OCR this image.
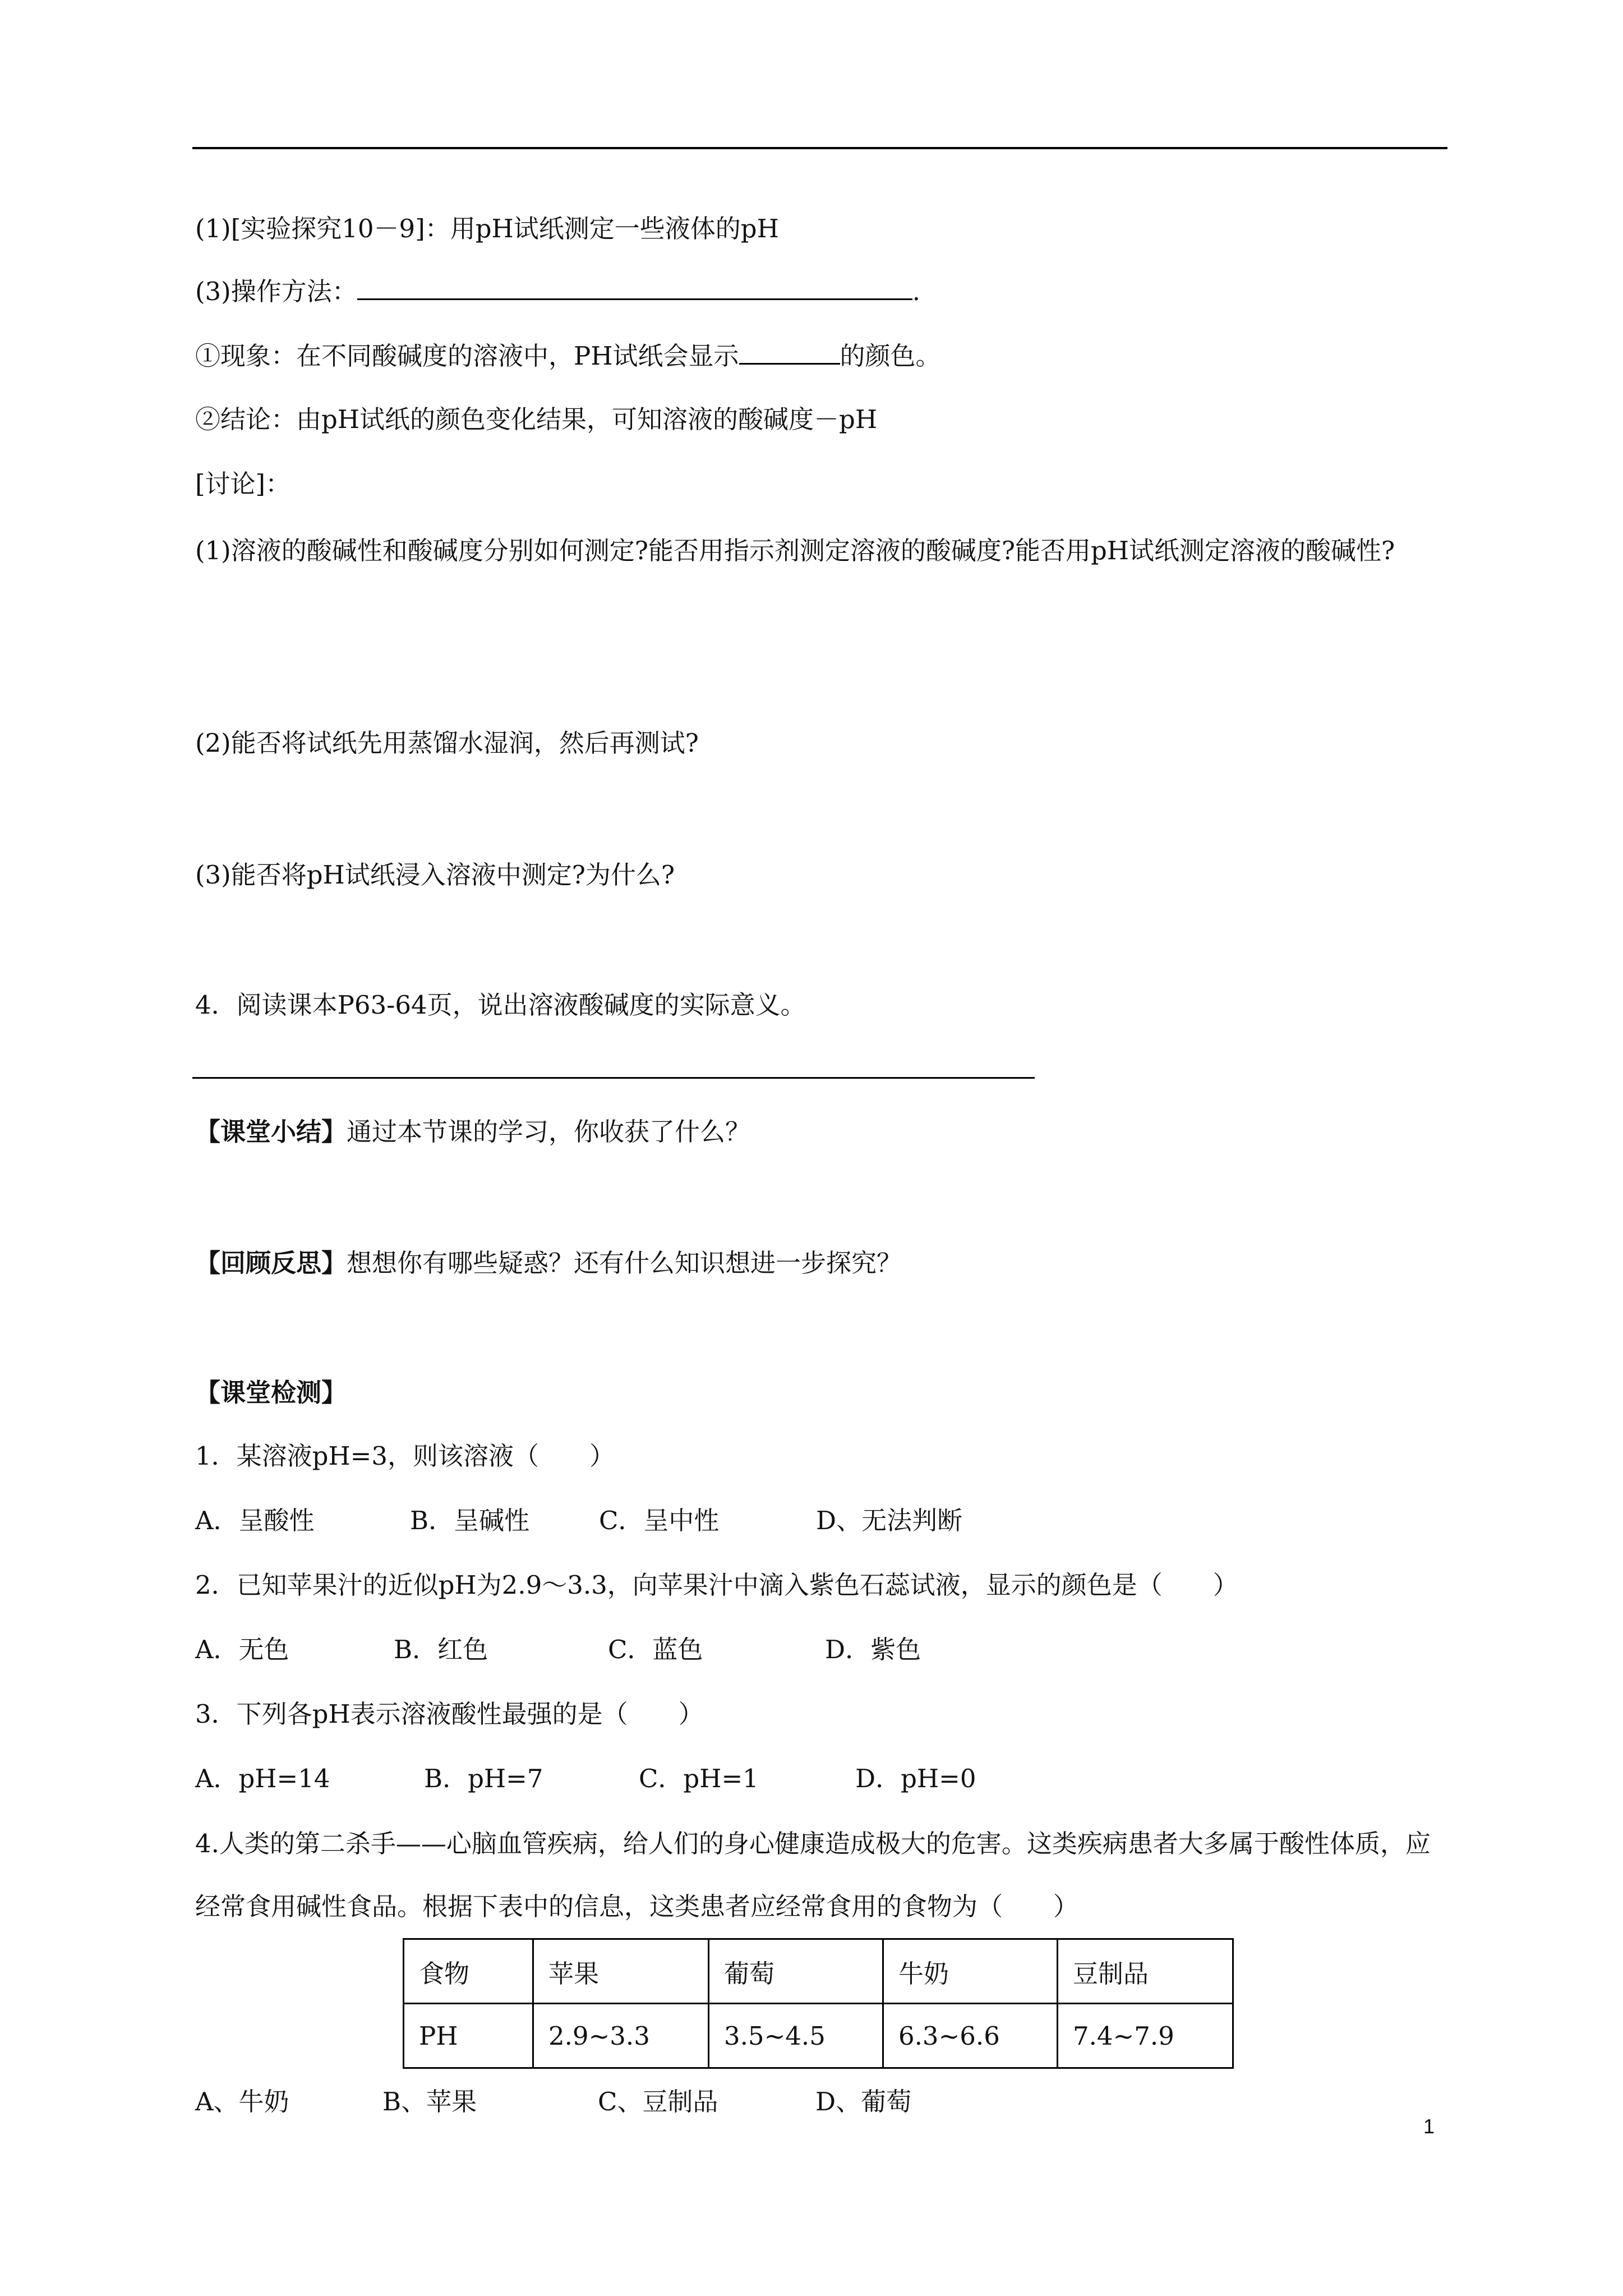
(1)[实验探究10－9]：用pH试纸测定一些液体的pH
(3)操作方法：	.
①现象：在不同酸碱度的溶液中，PH试纸会显示	的颜色。
②结论：由pH试纸的颜色变化结果，可知溶液的酸碱度－pH
[讨论]：
(1)溶液的酸碱性和酸碱度分别如何测定?能否用指示剂测定溶液的酸碱度?能否用pH试纸测定溶液的酸碱性?
(2)能否将试纸先用蒸馏水湿润，然后再测试?
(3)能否将pH试纸浸入溶液中测定?为什么?
4．阅读课本P63-64页，说出溶液酸碱度的实际意义。
【课堂小结】通过本节课的学习，你收获了什么？
【回顾反思】想想你有哪些疑惑？还有什么知识想进一步探究？
【课堂检测】
1．某溶液pH=3，则该溶液（　　）
A．呈酸性	B．呈碱性	C．呈中性	D、无法判断
2．已知苹果汁的近似pH为2.9～3.3，向苹果汁中滴入紫色石蕊试液，显示的颜色是（　　）
A．无色	B．红色	C．蓝色	D．紫色
3．下列各pH表示溶液酸性最强的是（　　）
A．pH=14	B．pH=7	C．pH=1	D．pH=0
4.人类的第二杀手——心脑血管疾病，给人们的身心健康造成极大的危害。这类疾病患者大多属于酸性体质，应经常食用碱性食品。根据下表中的信息，这类患者应经常食用的食物为（　　）
食物	苹果	葡萄	牛奶	豆制品
PH	2.9~3.3	3.5~4.5	6.3~6.6	7.4~7.9
A、牛奶	B、苹果	C、豆制品	D、葡萄
1
